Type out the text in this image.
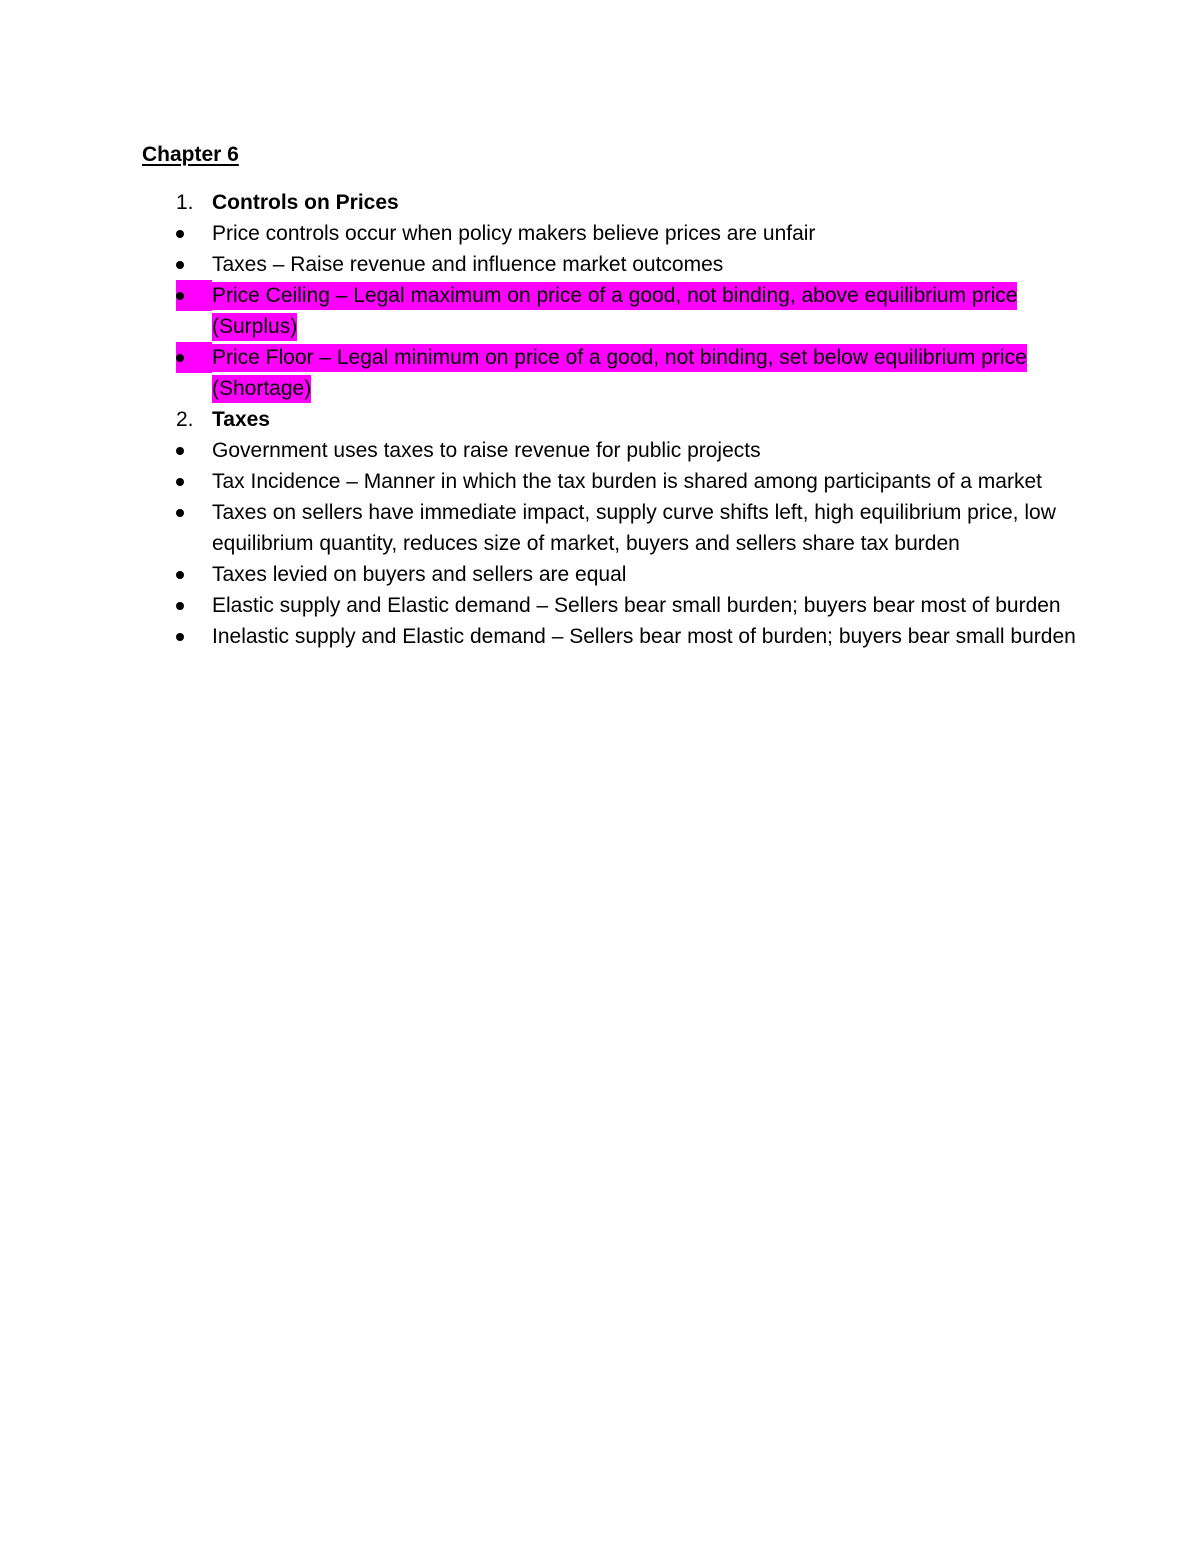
Chapter 6
1. Controls on Prices
Price controls occur when policy makers believe prices are unfair
Taxes – Raise revenue and influence market outcomes
Price Ceiling – Legal maximum on price of a good, not binding, above equilibrium price (Surplus)
Price Floor – Legal minimum on price of a good, not binding, set below equilibrium price (Shortage)
2. Taxes
Government uses taxes to raise revenue for public projects
Tax Incidence – Manner in which the tax burden is shared among participants of a market
Taxes on sellers have immediate impact, supply curve shifts left, high equilibrium price, low equilibrium quantity, reduces size of market, buyers and sellers share tax burden
Taxes levied on buyers and sellers are equal
Elastic supply and Elastic demand – Sellers bear small burden; buyers bear most of burden
Inelastic supply and Elastic demand – Sellers bear most of burden; buyers bear small burden
